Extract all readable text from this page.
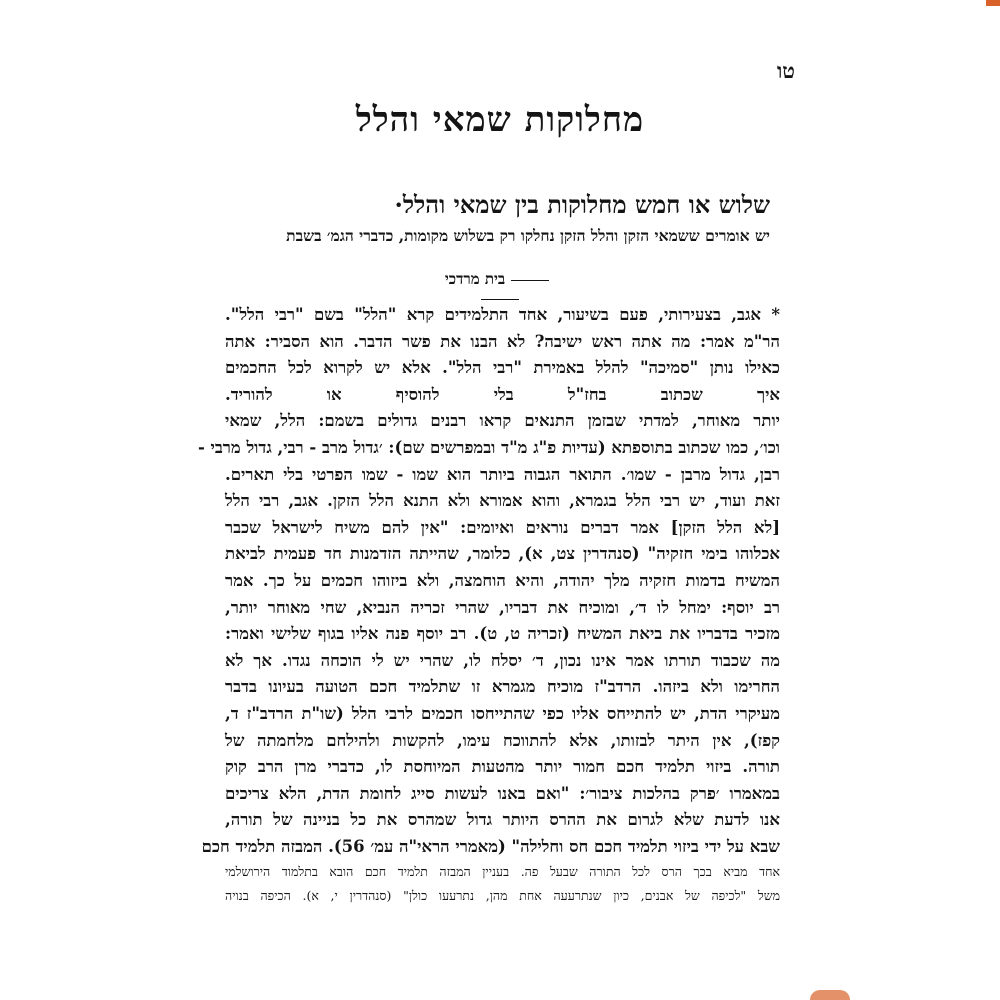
טו
מחלוקות שמאי והלל
שלוש או חמש מחלוקות בין שמאי והלל·
יש אומרים ששמאי הזקן והלל הזקן נחלקו רק בשלוש מקומות, כדברי הגמ׳ בשבת
בית מרדכי
* אגב, בצעירותי, פעם בשיעור, אחד התלמידים קרא "הלל" בשם "רבי הלל".
הר"מ אמר: מה אתה ראש ישיבה? לא הבנו את פשר הדבר. הוא הסביר: אתה
כאילו נותן "סמיכה" להלל באמירת "רבי הלל". אלא יש לקרוא לכל החכמים
איך שכתוב בחז"ל בלי להוסיף או להוריד.
יותר מאוחר, למדתי שבזמן התנאים קראו רבנים גדולים בשמם: הלל, שמאי
וכו׳, כמו שכתוב בתוספתא (עדיות פ"ג מ"ד ובמפרשים שם): ׳גדול מרב - רבי, גדול מרבי -
רבן, גדול מרבן - שמו׳. התואר הגבוה ביותר הוא שמו - שמו הפרטי בלי תארים.
זאת ועוד, יש רבי הלל בגמרא, והוא אמורא ולא התנא הלל הזקן. אגב, רבי הלל
[לא הלל הזקן] אמר דברים נוראים ואיומים: "אין להם משיח לישראל שכבר
אכלוהו בימי חזקיה" (סנהדרין צט, א), כלומר, שהייתה הזדמנות חד פעמית לביאת
המשיח בדמות חזקיה מלך יהודה, והיא הוחמצה, ולא ביזוהו חכמים על כך. אמר
רב יוסף: ימחל לו ד׳, ומוכיח את דבריו, שהרי זכריה הנביא, שחי מאוחר יותר,
מזכיר בדבריו את ביאת המשיח (זכריה ט, ט). רב יוסף פנה אליו בגוף שלישי ואמר:
מה שכבוד תורתו אמר אינו נכון, ד׳ יסלח לו, שהרי יש לי הוכחה נגדו. אך לא
החרימו ולא ביזהו. הרדב"ז מוכיח מגמרא זו שתלמיד חכם הטועה בעיונו בדבר
מעיקרי הדת, יש להתייחס אליו כפי שהתייחסו חכמים לרבי הלל (שו"ת הרדב"ז ד,
קפז), אין היתר לבזותו, אלא להתווכח עימו, להקשות ולהילחם מלחמתה של
תורה. ביזוי תלמיד חכם חמור יותר מהטעות המיוחסת לו, כדברי מרן הרב קוק
במאמרו ׳פרק בהלכות ציבור׳: "ואם באנו לעשות סייג לחומת הדת, הלא צריכים
אנו לדעת שלא לגרום את ההרס היותר גדול שמהרס את כל בניינה של תורה,
שבא על ידי ביזוי תלמיד חכם חס וחלילה" (מאמרי הראי"ה עמ׳ 56). המבזה תלמיד חכם
אחד מביא בכך הרס לכל התורה שבעל פה. בעניין המבזה תלמיד חכם הובא בתלמוד הירושלמי
משל "לכיפה של אבנים, כיון שנתרעעה אחת מהן, נתרעעו כולן" (סנהדרין י, א). הכיפה בנויה
